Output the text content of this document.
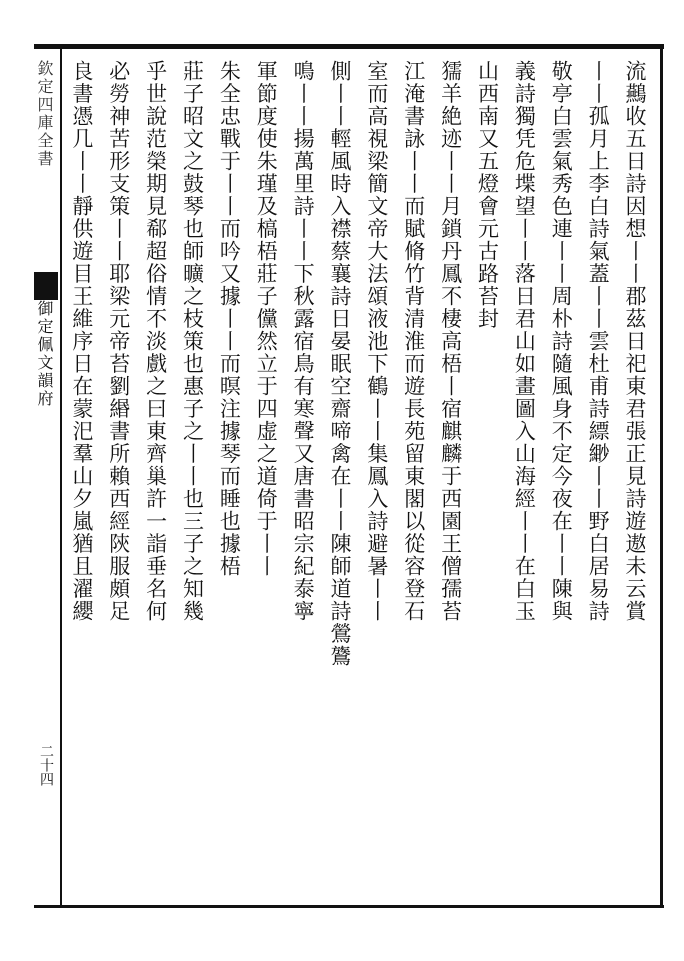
欽定四庫全書
御定佩文韻府
二十四
流䴏收五日詩因想丨丨郡茲日祀東君張正見詩遊遨未云賞
丨丨孤月上李白詩氣蓋丨丨雲杜甫詩縹緲丨丨野白居易詩
敬亭白雲氣秀色連丨丨周朴詩隨風身不定今夜在丨丨陳與
義詩獨凭危堞望丨丨落日君山如畫圖入山海經丨丨在白玉
山西南又五燈會元古路苔封
獳羊絶迹丨丨月鎖丹鳳不棲高梧丨宿麒麟于西園王僧孺苔
江淹書詠丨丨而賦脩竹背清淮而遊長苑留東閣以從容登石
室而高視梁簡文帝大法頌液池下鶴丨丨集鳳入詩避暑丨丨
側丨丨輕風時入襟蔡襄詩日晏眠空齋啼禽在丨丨陳師道詩鶯鷟
鳴丨丨揚萬里詩丨丨下秋露宿鳥有寒聲又唐書昭宗紀泰寧
軍節度使朱瑾及槁梧莊子儻然立于四虚之道倚于丨丨
朱全忠戰于丨丨而吟又據丨丨而暝注據琴而睡也據梧
莊子昭文之鼓琴也師曠之枝策也惠子之丨丨也三子之知幾
乎世說范榮期見郗超俗情不淡戲之曰東齊巢許一詣垂名何
必勞神苦形支策丨丨耶梁元帝苔劉緡書所賴西經陝服頗足
良書憑几丨丨靜供遊目王維序日在蒙汜羣山夕嵐猶且濯纓
